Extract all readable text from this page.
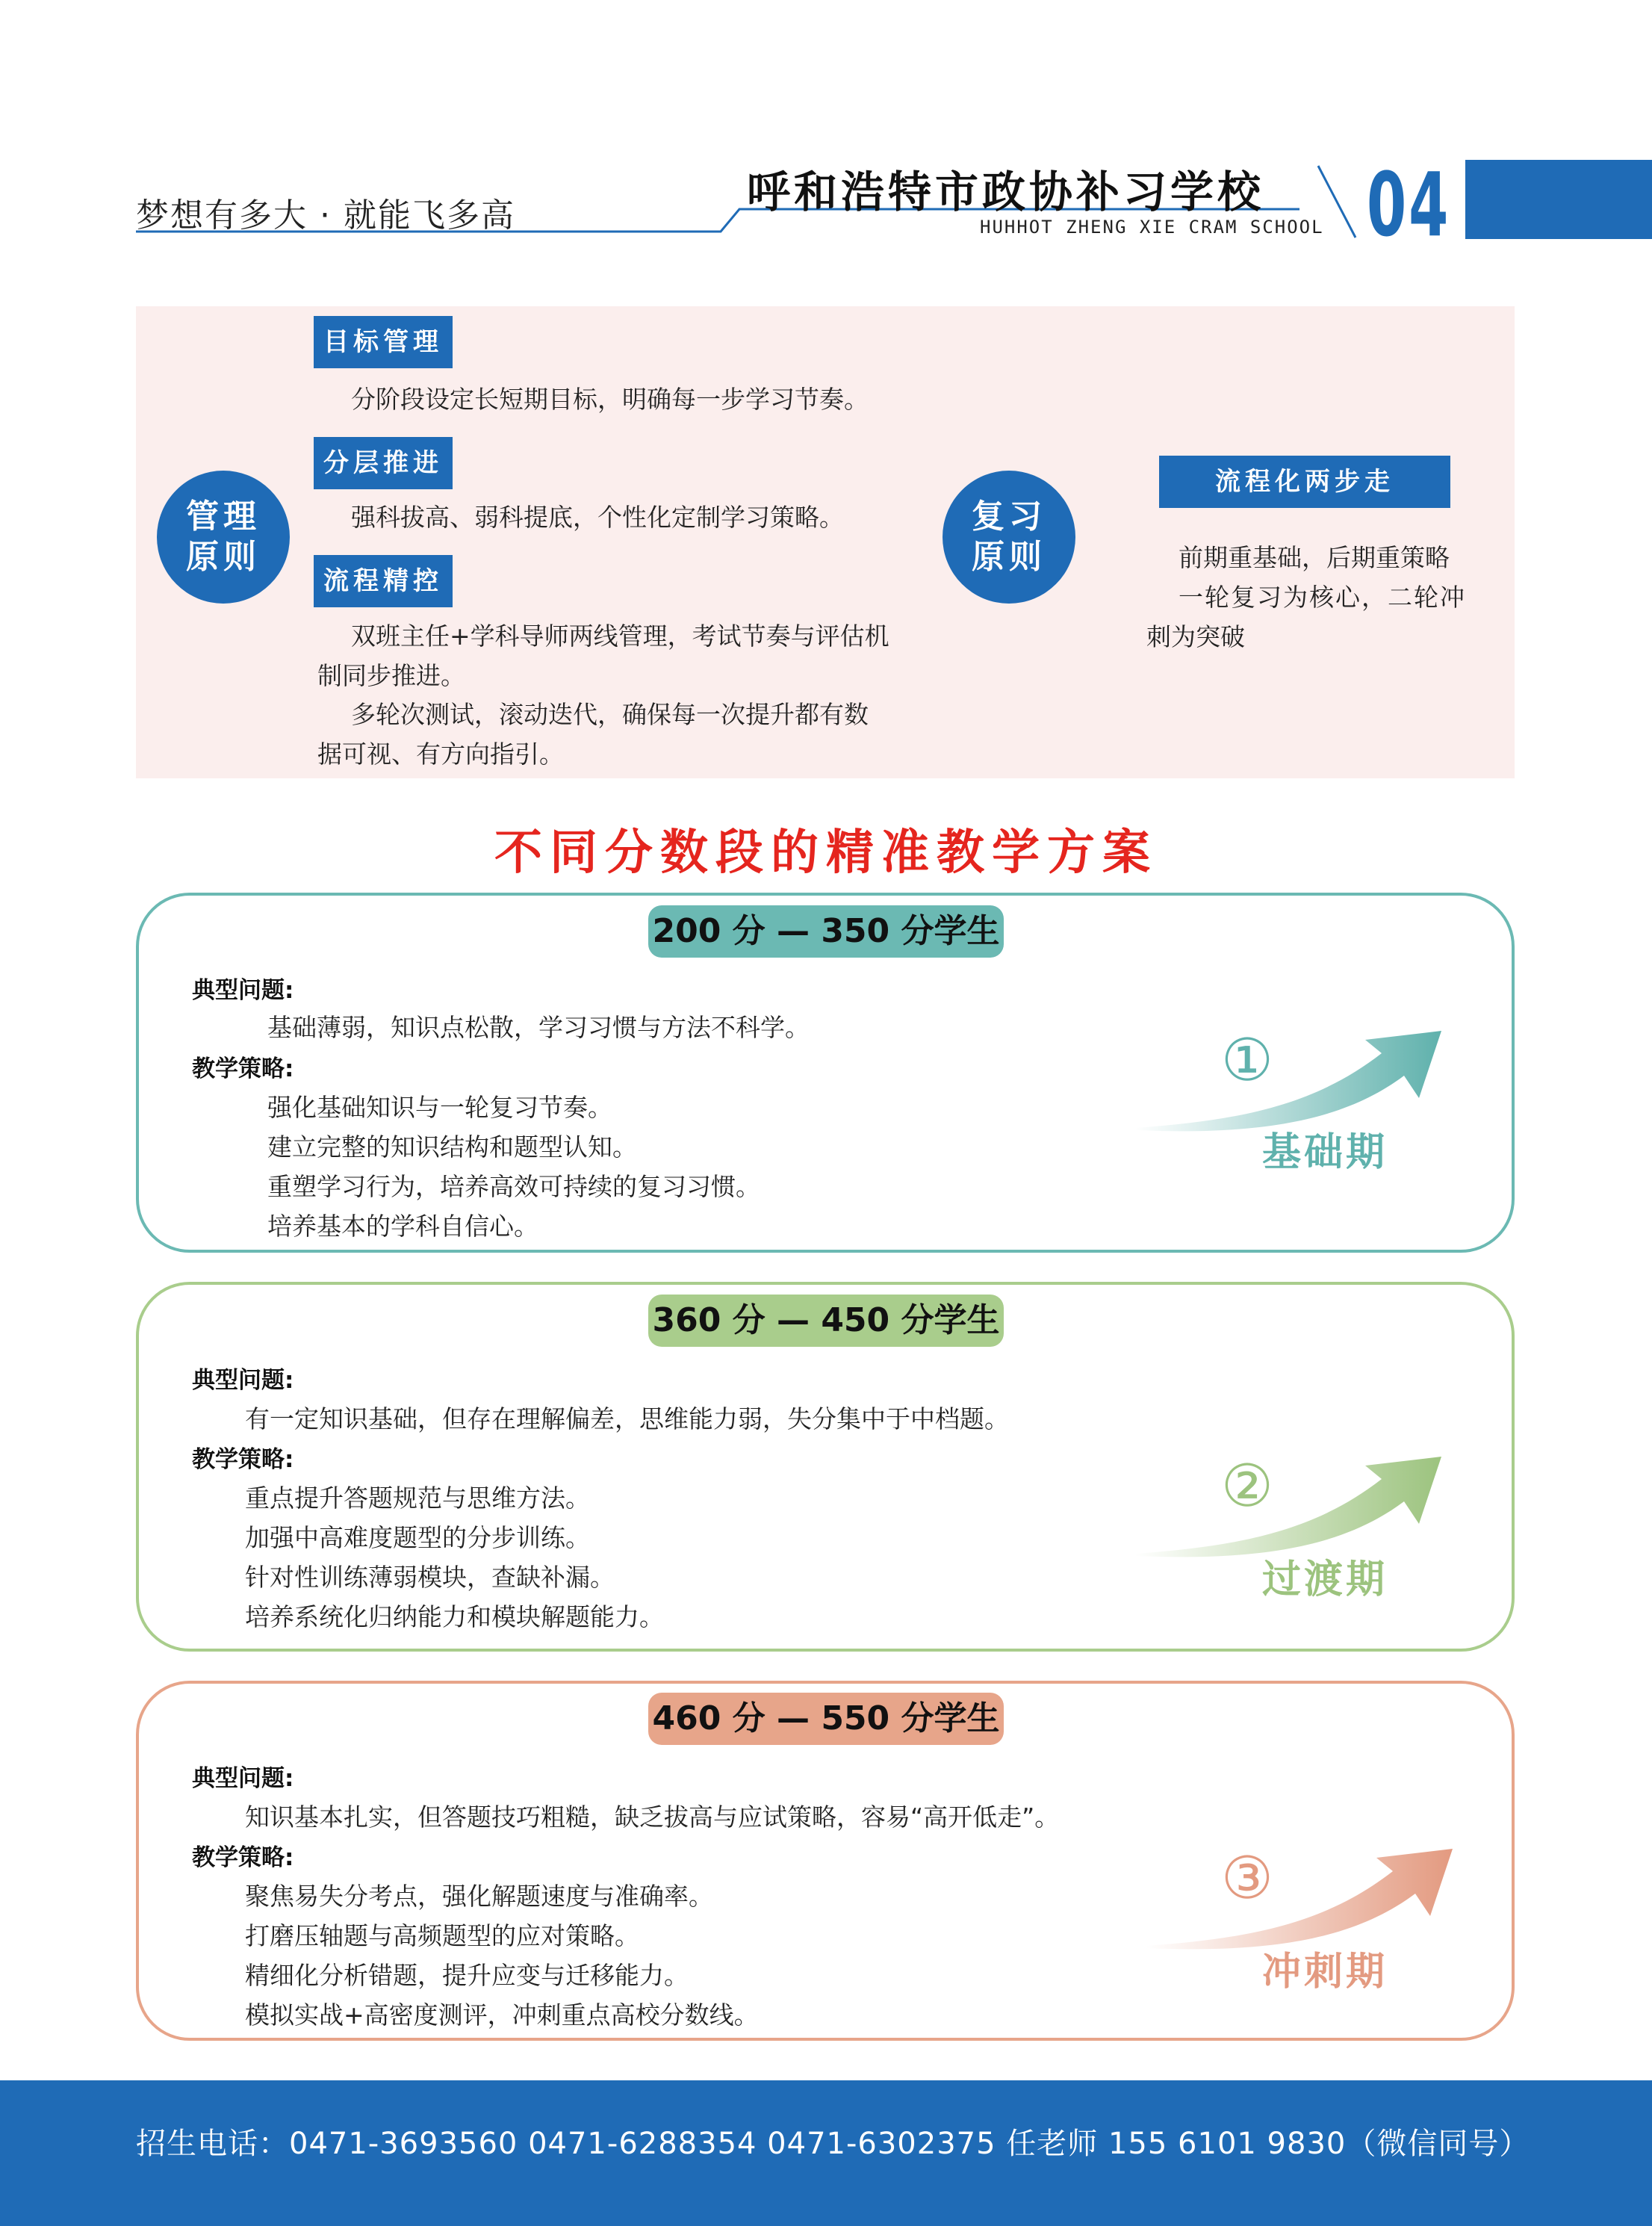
梦想有多大 · 就能飞多高	呼和浩特市政协补习学校
HUHHOT ZHENG XIE CRAM SCHOOL 04
管理
原则
目标管理
分阶段设定长短期目标，明确每一步学习节奏。
分层推进
强科拔高、弱科提底，个性化定制学习策略。
流程精控
双班主任+学科导师两线管理，考试节奏与评估机
制同步推进。
多轮次测试，滚动迭代，确保每一次提升都有数
据可视、有方向指引。
复习
原则
流程化两步走
前期重基础，后期重策略
一轮复习为核心，二轮冲
刺为突破
不同分数段的精准教学方案
200 分 — 350 分学生
典型问题:
基础薄弱，知识点松散，学习习惯与方法不科学。
教学策略:
强化基础知识与一轮复习节奏。
建立完整的知识结构和题型认知。
重塑学习行为，培养高效可持续的复习习惯。
培养基本的学科自信心。
①
基础期
360 分 — 450 分学生
典型问题:
有一定知识基础，但存在理解偏差，思维能力弱，失分集中于中档题。
教学策略:
重点提升答题规范与思维方法。
加强中高难度题型的分步训练。
针对性训练薄弱模块，查缺补漏。
培养系统化归纳能力和模块解题能力。
②
过渡期
460 分 — 550 分学生
典型问题:
知识基本扎实，但答题技巧粗糙，缺乏拔高与应试策略，容易“高开低走”。
教学策略:
聚焦易失分考点，强化解题速度与准确率。
打磨压轴题与高频题型的应对策略。
精细化分析错题，提升应变与迁移能力。
模拟实战+高密度测评，冲刺重点高校分数线。
③
冲刺期
招生电话：0471-3693560 0471-6288354 0471-6302375 任老师 155 6101 9830（微信同号）
